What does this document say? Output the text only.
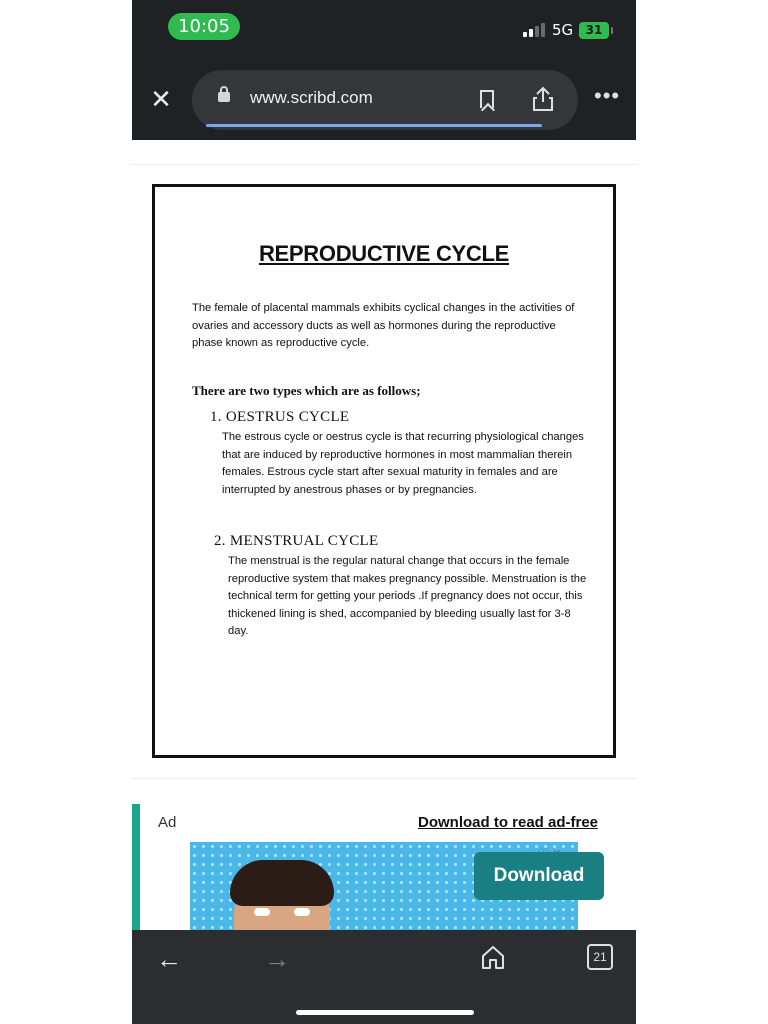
10:05	5G	31
✕	www.scribd.com	•••
REPRODUCTIVE CYCLE
The female of placental mammals exhibits cyclical changes in the activities of ovaries and accessory ducts as well as hormones during the reproductive phase known as reproductive cycle.
There are two types which are as follows;
1. OESTRUS CYCLE
The estrous cycle or oestrus cycle is that recurring physiological changes that are induced by reproductive hormones in most mammalian therein females. Estrous cycle start after sexual maturity in females and are interrupted by anestrous phases or by pregnancies.
2. MENSTRUAL CYCLE
The menstrual is the regular natural change that occurs in the female reproductive system that makes pregnancy possible. Menstruation is the technical term for getting your periods .If pregnancy does not occur, this thickened lining is shed, accompanied by bleeding usually last for 3-8 day.
Ad	Download to read ad-free
Download
←	→	21
